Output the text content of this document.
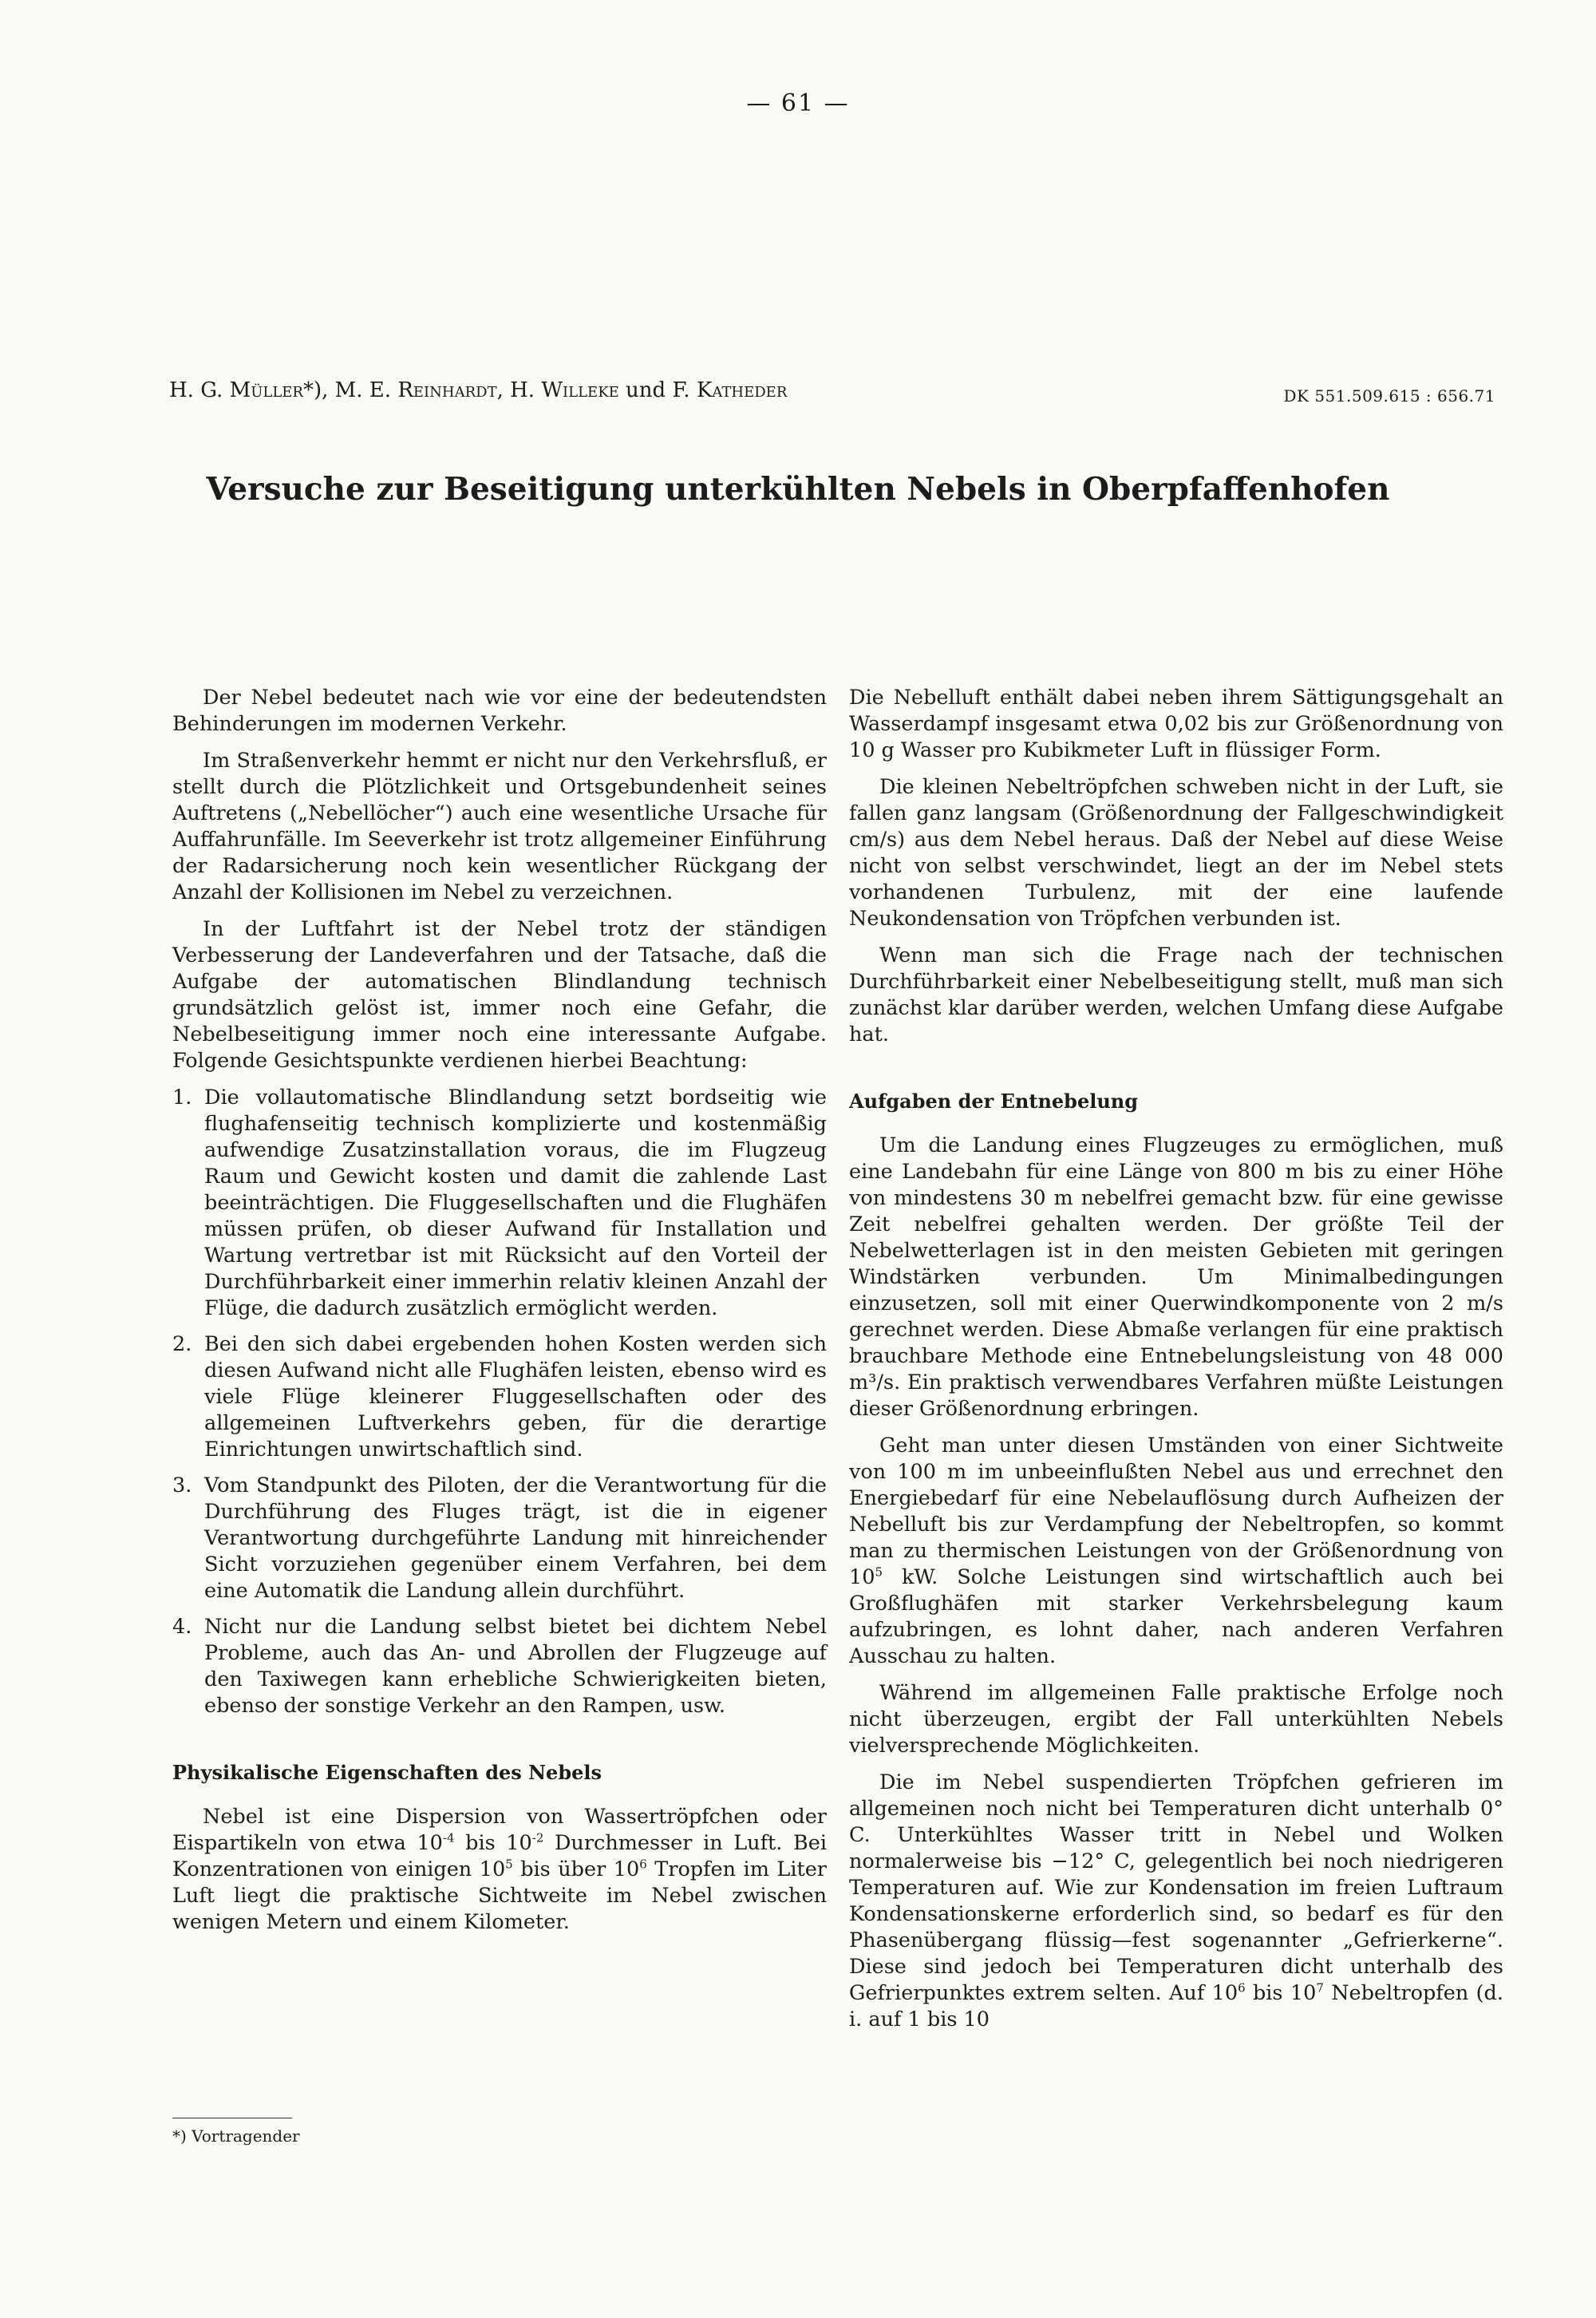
— 61 —
H. G. Müller*), M. E. Reinhardt, H. Willeke und F. Katheder	DK 551.509.615 : 656.71
Versuche zur Beseitigung unterkühlten Nebels in Oberpfaffenhofen

Der Nebel bedeutet nach wie vor eine der bedeutendsten Behinderungen im modernen Verkehr.

Im Straßenverkehr hemmt er nicht nur den Verkehrsfluß, er stellt durch die Plötzlichkeit und Ortsgebundenheit seines Auftretens („Nebellöcher“) auch eine wesentliche Ursache für Auffahrunfälle. Im Seeverkehr ist trotz allgemeiner Einführung der Radarsicherung noch kein wesentlicher Rückgang der Anzahl der Kollisionen im Nebel zu verzeichnen.

In der Luftfahrt ist der Nebel trotz der ständigen Verbesserung der Landeverfahren und der Tatsache, daß die Aufgabe der automatischen Blindlandung technisch grundsätzlich gelöst ist, immer noch eine Gefahr, die Nebelbeseitigung immer noch eine interessante Aufgabe. Folgende Gesichtspunkte verdienen hierbei Beachtung:

1. Die vollautomatische Blindlandung setzt bordseitig wie flughafenseitig technisch komplizierte und kostenmäßig aufwendige Zusatzinstallation voraus, die im Flugzeug Raum und Gewicht kosten und damit die zahlende Last beeinträchtigen. Die Fluggesellschaften und die Flughäfen müssen prüfen, ob dieser Aufwand für Installation und Wartung vertretbar ist mit Rücksicht auf den Vorteil der Durchführbarkeit einer immerhin relativ kleinen Anzahl der Flüge, die dadurch zusätzlich ermöglicht werden.
2. Bei den sich dabei ergebenden hohen Kosten werden sich diesen Aufwand nicht alle Flughäfen leisten, ebenso wird es viele Flüge kleinerer Fluggesellschaften oder des allgemeinen Luftverkehrs geben, für die derartige Einrichtungen unwirtschaftlich sind.
3. Vom Standpunkt des Piloten, der die Verantwortung für die Durchführung des Fluges trägt, ist die in eigener Verantwortung durchgeführte Landung mit hinreichender Sicht vorzuziehen gegenüber einem Verfahren, bei dem eine Automatik die Landung allein durchführt.
4. Nicht nur die Landung selbst bietet bei dichtem Nebel Probleme, auch das An- und Abrollen der Flugzeuge auf den Taxiwegen kann erhebliche Schwierigkeiten bieten, ebenso der sonstige Verkehr an den Rampen, usw.
Physikalische Eigenschaften des Nebels

Nebel ist eine Dispersion von Wassertröpfchen oder Eispartikeln von etwa $10^{-4}$ bis $10^{-2}$ Durchmesser in Luft. Bei Konzentrationen von einigen $10^5$ bis über $10^6$ Tropfen im Liter Luft liegt die praktische Sichtweite im Nebel zwischen wenigen Metern und einem Kilometer.

*) Vortragender

Die Nebelluft enthält dabei neben ihrem Sättigungsgehalt an Wasserdampf insgesamt etwa 0,02 bis zur Größenordnung von 10 g Wasser pro Kubikmeter Luft in flüssiger Form.

Die kleinen Nebeltröpfchen schweben nicht in der Luft, sie fallen ganz langsam (Größenordnung der Fallgeschwindigkeit cm/s) aus dem Nebel heraus. Daß der Nebel auf diese Weise nicht von selbst verschwindet, liegt an der im Nebel stets vorhandenen Turbulenz, mit der eine laufende Neukondensation von Tröpfchen verbunden ist.

Wenn man sich die Frage nach der technischen Durchführbarkeit einer Nebelbeseitigung stellt, muß man sich zunächst klar darüber werden, welchen Umfang diese Aufgabe hat.

Aufgaben der Entnebelung

Um die Landung eines Flugzeuges zu ermöglichen, muß eine Landebahn für eine Länge von 800 m bis zu einer Höhe von mindestens 30 m nebelfrei gemacht bzw. für eine gewisse Zeit nebelfrei gehalten werden. Der größte Teil der Nebelwetterlagen ist in den meisten Gebieten mit geringen Windstärken verbunden. Um Minimalbedingungen einzusetzen, soll mit einer Querwindkomponente von 2 m/s gerechnet werden. Diese Abmaße verlangen für eine praktisch brauchbare Methode eine Entnebelungsleistung von 48 000 m³/s. Ein praktisch verwendbares Verfahren müßte Leistungen dieser Größenordnung erbringen.

Geht man unter diesen Umständen von einer Sichtweite von 100 m im unbeeinflußten Nebel aus und errechnet den Energiebedarf für eine Nebelauflösung durch Aufheizen der Nebelluft bis zur Verdampfung der Nebeltropfen, so kommt man zu thermischen Leistungen von der Größenordnung von $10^5$ kW. Solche Leistungen sind wirtschaftlich auch bei Großflughäfen mit starker Verkehrsbelegung kaum aufzubringen, es lohnt daher, nach anderen Verfahren Ausschau zu halten.

Während im allgemeinen Falle praktische Erfolge noch nicht überzeugen, ergibt der Fall unterkühlten Nebels vielversprechende Möglichkeiten.

Die im Nebel suspendierten Tröpfchen gefrieren im allgemeinen noch nicht bei Temperaturen dicht unterhalb 0° C. Unterkühltes Wasser tritt in Nebel und Wolken normalerweise bis −12° C, gelegentlich bei noch niedrigeren Temperaturen auf. Wie zur Kondensation im freien Luftraum Kondensationskerne erforderlich sind, so bedarf es für den Phasenübergang flüssig—fest sogenannter „Gefrierkerne“. Diese sind jedoch bei Temperaturen dicht unterhalb des Gefrierpunktes extrem selten. Auf $10^6$ bis $10^7$ Nebeltropfen (d. i. auf 1 bis 10
